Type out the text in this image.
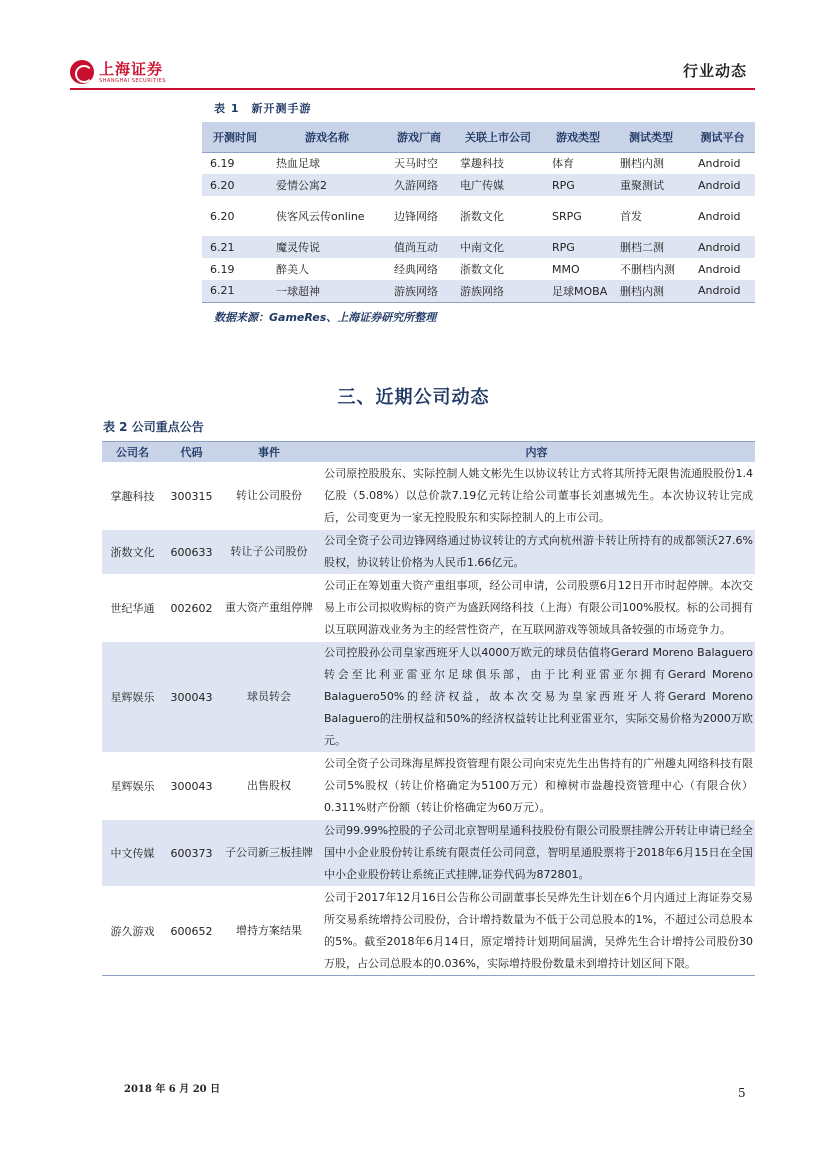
上海证券
SHANGHAI SECURITIES
行业动态
表 1 新开测手游
开测时间	游戏名称	游戏厂商	关联上市公司	游戏类型	测试类型	测试平台
6.19	热血足球	天马时空	掌趣科技	体育	删档内测	Android
6.20	爱情公寓2	久游网络	电广传媒	RPG	重聚测试	Android
6.20	侠客风云传online	边锋网络	浙数文化	SRPG	首发	Android
6.21	魔灵传说	值尚互动	中南文化	RPG	删档二测	Android
6.19	醉美人	经典网络	浙数文化	MMO	不删档内测	Android
6.21	一球超神	游族网络	游族网络	足球MOBA	删档内测	Android
数据来源：GameRes、上海证券研究所整理
三、近期公司动态
表 2 公司重点公告
公司名	代码	事件	内容
掌趣科技	300315	转让公司股份	公司原控股股东、实际控制人姚文彬先生以协议转让方式将其所持无限售流通股股份1.4亿股（5.08%）以总价款7.19亿元转让给公司董事长刘惠城先生。本次协议转让完成后，公司变更为一家无控股股东和实际控制人的上市公司。
浙数文化	600633	转让子公司股份	公司全资子公司边锋网络通过协议转让的方式向杭州游卡转让所持有的成都领沃27.6%股权，协议转让价格为人民币1.66亿元。
世纪华通	002602	重大资产重组停牌	公司正在筹划重大资产重组事项，经公司申请，公司股票6月12日开市时起停牌。本次交易上市公司拟收购标的资产为盛跃网络科技（上海）有限公司100%股权。标的公司拥有以互联网游戏业务为主的经营性资产，在互联网游戏等领域具备较强的市场竞争力。
星辉娱乐	300043	球员转会	公司控股孙公司皇家西班牙人以4000万欧元的球员估值将Gerard Moreno Balaguero转会至比利亚雷亚尔足球俱乐部，由于比利亚雷亚尔拥有Gerard Moreno Balaguero50%的经济权益，故本次交易为皇家西班牙人将Gerard Moreno Balaguero的注册权益和50%的经济权益转让比利亚雷亚尔，实际交易价格为2000万欧元。
星辉娱乐	300043	出售股权	公司全资子公司珠海星辉投资管理有限公司向宋克先生出售持有的广州趣丸网络科技有限公司5%股权（转让价格确定为5100万元）和樟树市盎趣投资管理中心（有限合伙）0.311%财产份额（转让价格确定为60万元）。
中文传媒	600373	子公司新三板挂牌	公司99.99%控股的子公司北京智明星通科技股份有限公司股票挂牌公开转让申请已经全国中小企业股份转让系统有限责任公司同意，智明星通股票将于2018年6月15日在全国中小企业股份转让系统正式挂牌,证券代码为872801。
游久游戏	600652	增持方案结果	公司于2017年12月16日公告称公司副董事长吴烨先生计划在6个月内通过上海证券交易所交易系统增持公司股份，合计增持数量为不低于公司总股本的1%，不超过公司总股本的5%。截至2018年6月14日，原定增持计划期间届满，吴烨先生合计增持公司股份30万股，占公司总股本的0.036%，实际增持股份数量未到增持计划区间下限。
2018 年 6 月 20 日	5
